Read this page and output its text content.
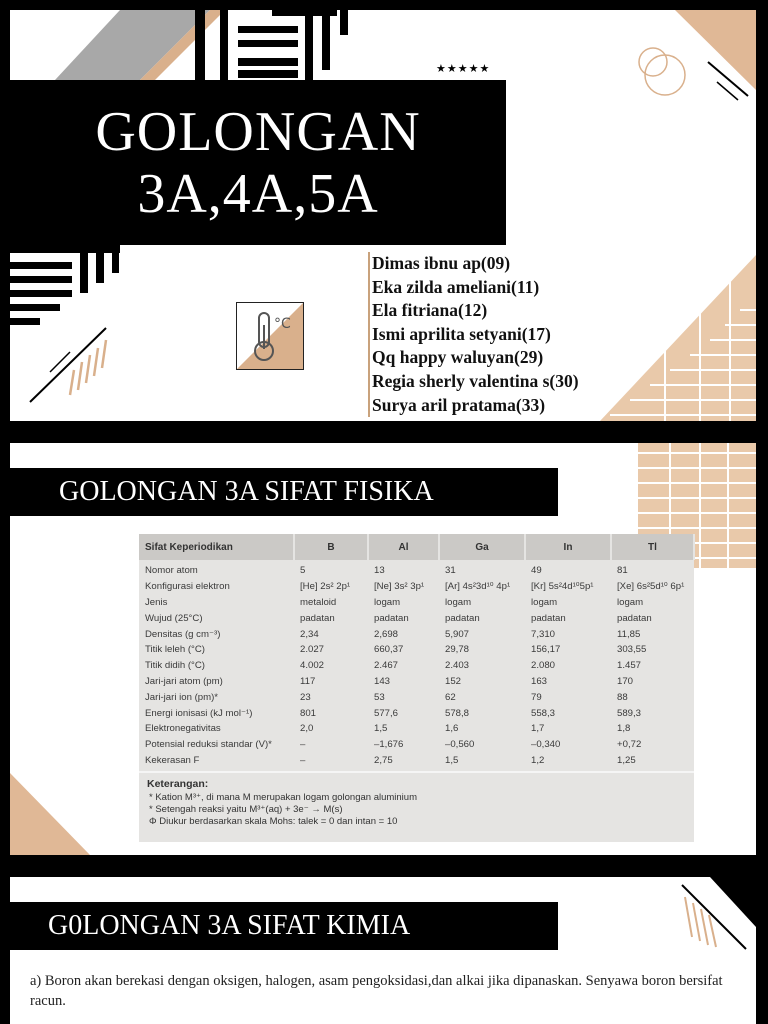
GOLONGAN
3A,4A,5A
★★★★★
°C
Dimas ibnu ap(09)
Eka zilda ameliani(11)
Ela fitriana(12)
Ismi aprilita setyani(17)
Qq happy waluyan(29)
Regia sherly valentina s(30)
Surya aril pratama(33)
GOLONGAN 3A SIFAT FISIKA
Sifat Keperiodikan	B	Al	Ga	In	Tl
Nomor atom	5	13	31	49	81
Konfigurasi elektron	[He] 2s² 2p¹	[Ne] 3s² 3p¹	[Ar] 4s²3d¹⁰ 4p¹	[Kr] 5s²4d¹⁰5p¹	[Xe] 6s²5d¹⁰ 6p¹
Jenis	metaloid	logam	logam	logam	logam
Wujud (25°C)	padatan	padatan	padatan	padatan	padatan
Densitas (g cm⁻³)	2,34	2,698	5,907	7,310	11,85
Titik leleh (°C)	2.027	660,37	29,78	156,17	303,55
Titik didih (°C)	4.002	2.467	2.403	2.080	1.457
Jari-jari atom (pm)	117	143	152	163	170
Jari-jari ion (pm)*	23	53	62	79	88
Energi ionisasi (kJ mol⁻¹)	801	577,6	578,8	558,3	589,3
Elektronegativitas	2,0	1,5	1,6	1,7	1,8
Potensial reduksi standar (V)*	–	–1,676	–0,560	–0,340	+0,72
Kekerasan F	–	2,75	1,5	1,2	1,25
Keterangan:
* Kation M³⁺, di mana M merupakan logam golongan aluminium
* Setengah reaksi yaitu M³⁺(aq) + 3e⁻ → M(s)
Φ Diukur berdasarkan skala Mohs: talek = 0 dan intan = 10
G0LONGAN 3A SIFAT KIMIA
a) Boron akan berekasi dengan oksigen, halogen, asam pengoksidasi,dan alkai jika dipanaskan. Senyawa boron bersifat racun.
